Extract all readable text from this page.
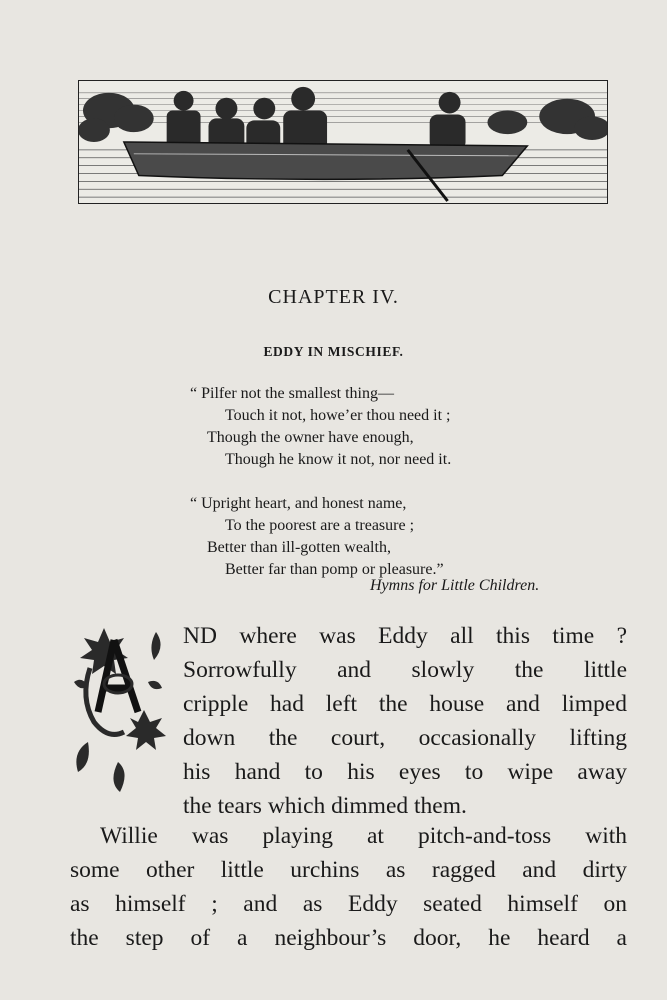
CHAPTER IV.
EDDY IN MISCHIEF.
“ Pilfer not the smallest thing—
Touch it not, howe’er thou need it ;
Though the owner have enough,
Though he know it not, nor need it.
“ Upright heart, and honest name,
To the poorest are a treasure ;
Better than ill-gotten wealth,
Better far than pomp or pleasure.”
Hymns for Little Children.
ND where was Eddy all this time ?
Sorrowfully and slowly the little
cripple had left the house and limped
down the court, occasionally lifting
his hand to his eyes to wipe away
the tears which dimmed them.
Willie was playing at pitch-and-toss with
some other little urchins as ragged and dirty
as himself ; and as Eddy seated himself on
the step of a neighbour’s door, he heard a
